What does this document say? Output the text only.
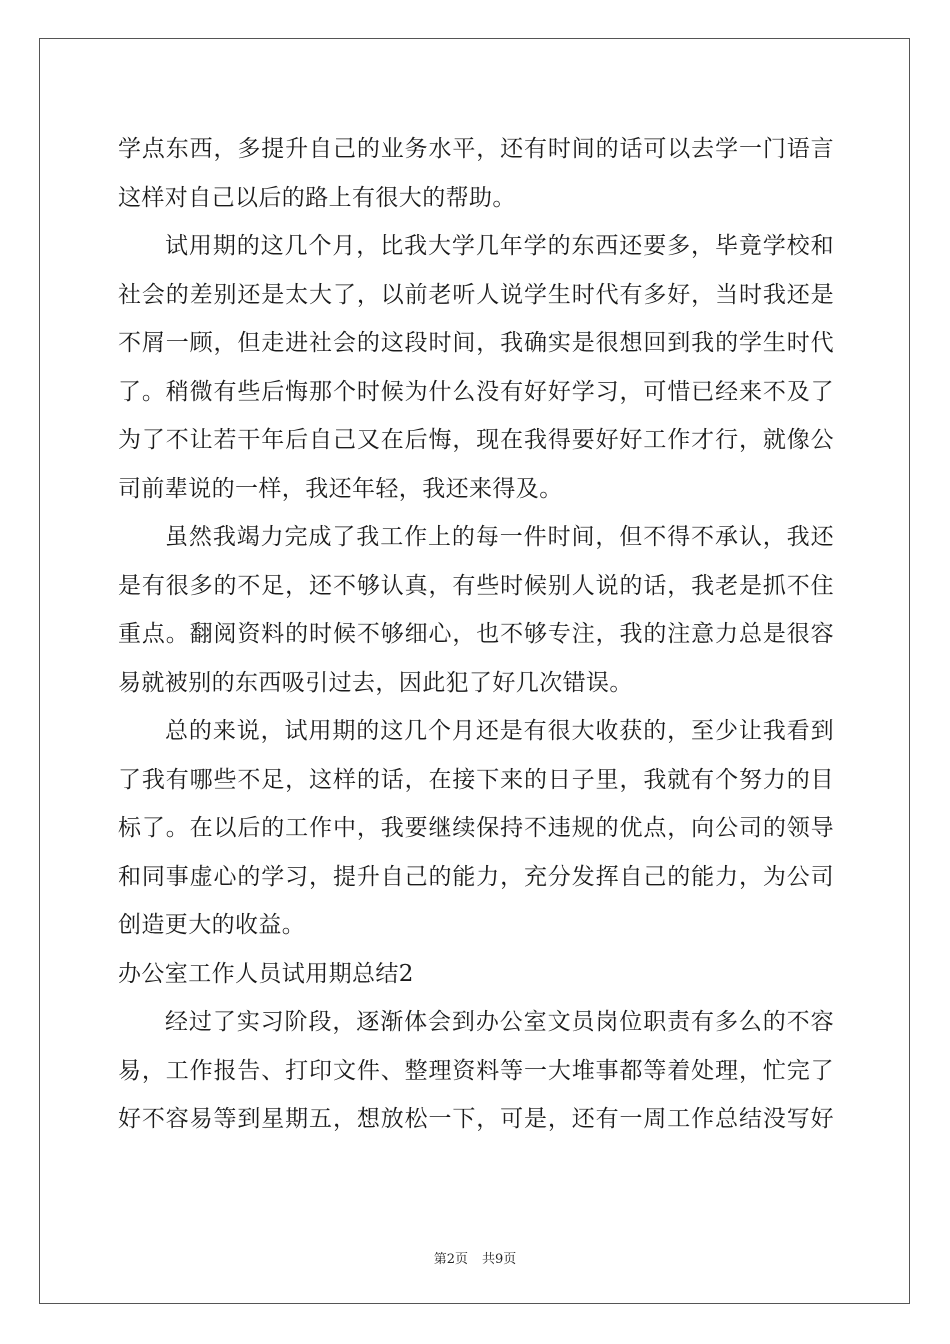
学点东西，多提升自己的业务水平，还有时间的话可以去学一门语言
这样对自己以后的路上有很大的帮助。
试用期的这几个月，比我大学几年学的东西还要多，毕竟学校和
社会的差别还是太大了，以前老听人说学生时代有多好，当时我还是
不屑一顾，但走进社会的这段时间，我确实是很想回到我的学生时代
了。稍微有些后悔那个时候为什么没有好好学习，可惜已经来不及了
为了不让若干年后自己又在后悔，现在我得要好好工作才行，就像公
司前辈说的一样，我还年轻，我还来得及。
虽然我竭力完成了我工作上的每一件时间，但不得不承认，我还
是有很多的不足，还不够认真，有些时候别人说的话，我老是抓不住
重点。翻阅资料的时候不够细心，也不够专注，我的注意力总是很容
易就被别的东西吸引过去，因此犯了好几次错误。
总的来说，试用期的这几个月还是有很大收获的，至少让我看到
了我有哪些不足，这样的话，在接下来的日子里，我就有个努力的目
标了。在以后的工作中，我要继续保持不违规的优点，向公司的领导
和同事虚心的学习，提升自己的能力，充分发挥自己的能力，为公司
创造更大的收益。
办公室工作人员试用期总结2
经过了实习阶段，逐渐体会到办公室文员岗位职责有多么的不容
易，工作报告、打印文件、整理资料等一大堆事都等着处理，忙完了
好不容易等到星期五，想放松一下，可是，还有一周工作总结没写好
第2页 共9页
